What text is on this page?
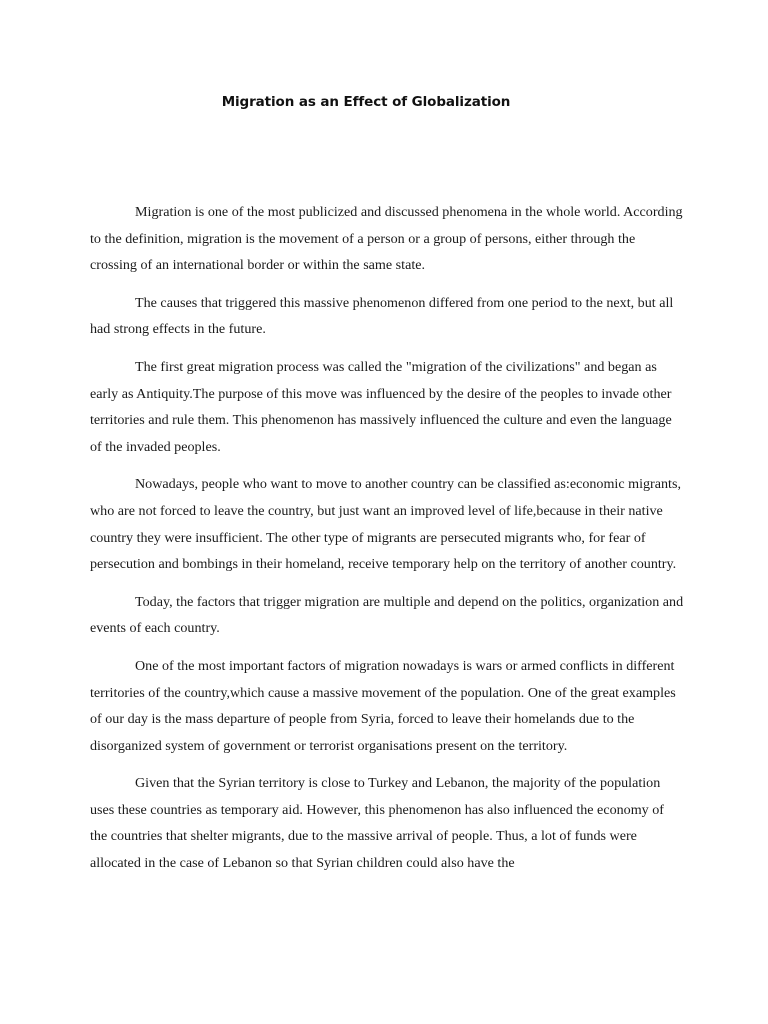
Migration as an Effect of Globalization

Migration is one of the most publicized and discussed phenomena in the whole world. According to the definition, migration is the movement of a person or a group of persons, either through the crossing of an international border or within the same state.

The causes that triggered this massive phenomenon differed from one period to the next, but all had strong effects in the future.

The first great migration process was called the "migration of the civilizations" and began as early as Antiquity.The purpose of this move was influenced by the desire of the peoples to invade other territories and rule them. This phenomenon has massively influenced the culture and even the language of the invaded peoples.

Nowadays, people who want to move to another country can be classified as:economic migrants, who are not forced to leave the country, but just want an improved level of life,because in their native country they were insufficient. The other type of migrants are persecuted migrants who, for fear of persecution and bombings in their homeland, receive temporary help on the territory of another country.

Today, the factors that trigger migration are multiple and depend on the politics, organization and events of each country.

One of the most important factors of migration nowadays is wars or armed conflicts in different territories of the country,which cause a massive movement of the population. One of the great examples of our day is the mass departure of people from Syria, forced to leave their homelands due to the disorganized system of government or terrorist organisations present on the territory.

Given that the Syrian territory is close to Turkey and Lebanon, the majority of the population uses these countries as temporary aid. However, this phenomenon has also influenced the economy of the countries that shelter migrants, due to the massive arrival of people. Thus, a lot of funds were allocated in the case of Lebanon so that Syrian children could also have the
